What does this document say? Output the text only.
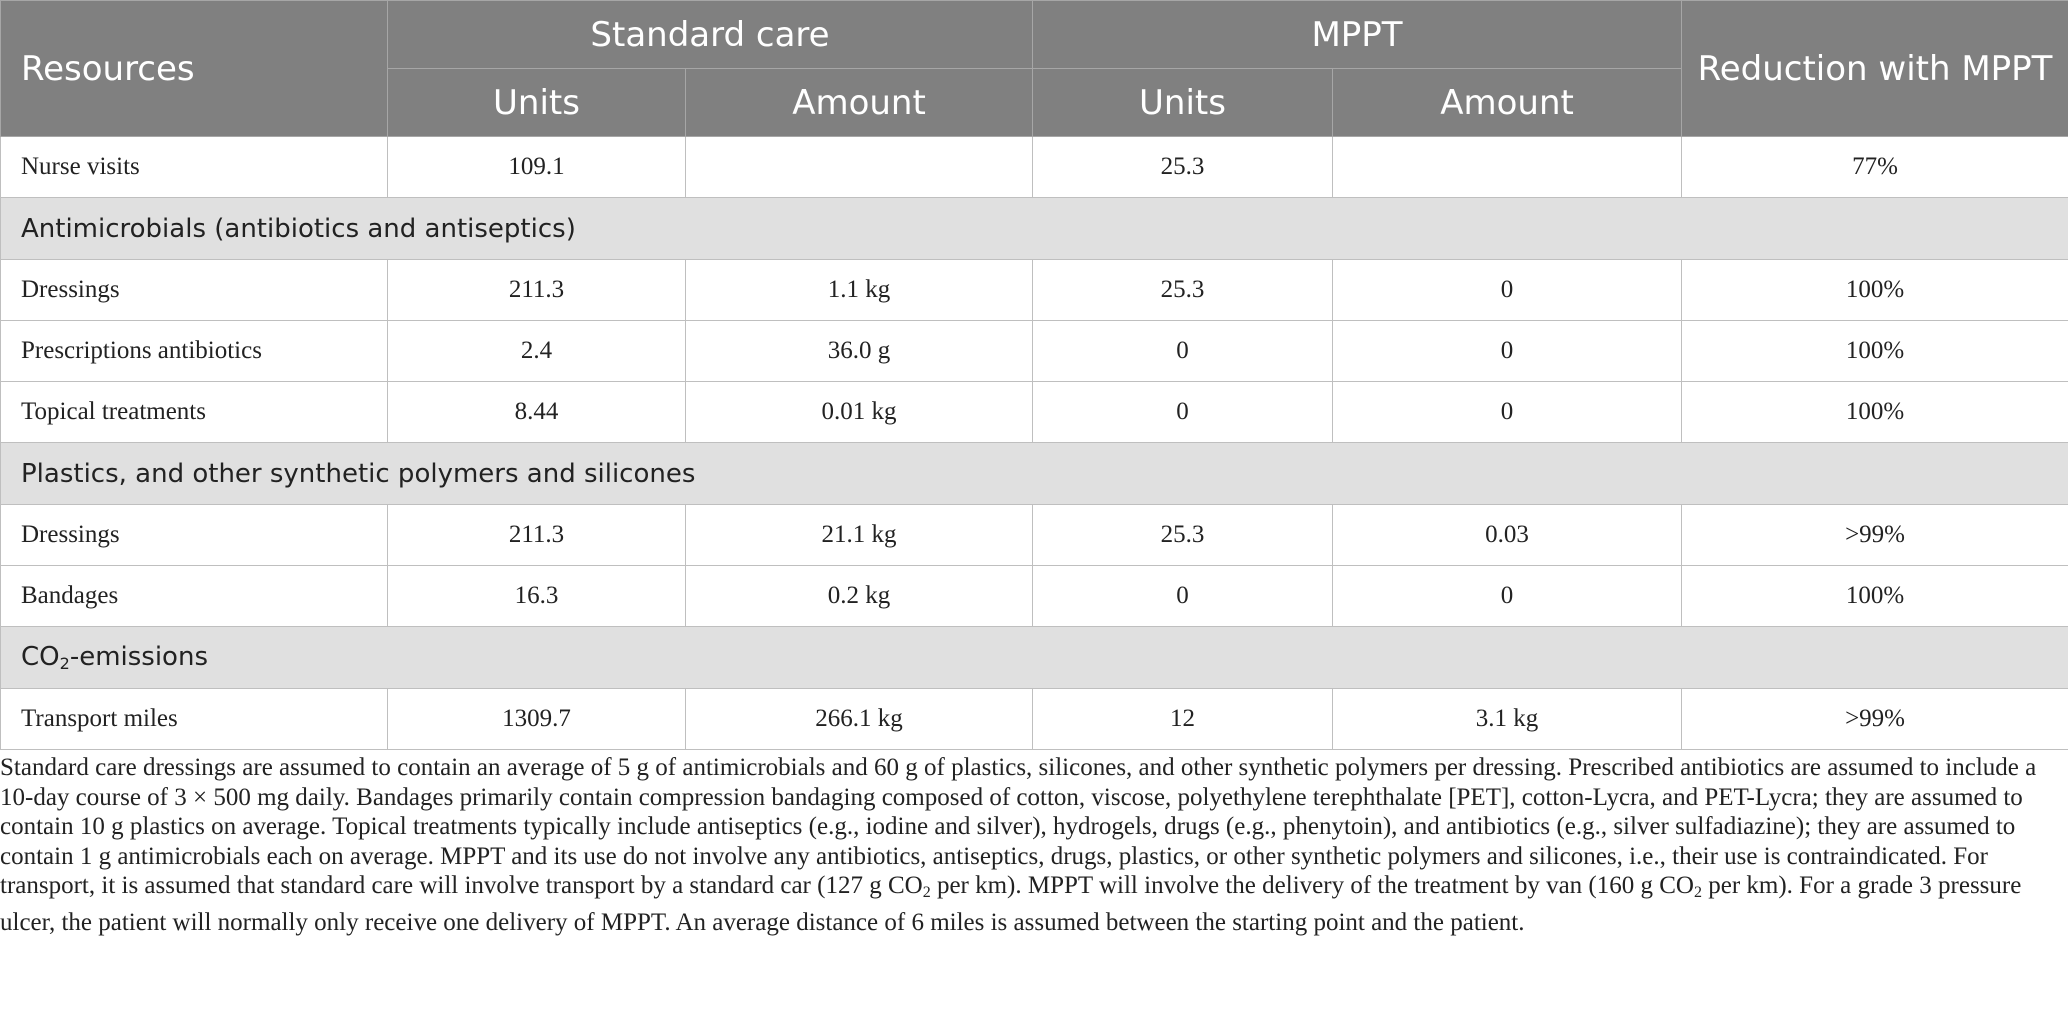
Resources	Standard care		MPPT		Reduction with MPPT
	Units	Amount	Units	Amount	
Nurse visits	109.1		25.3		77%
Antimicrobials (antibiotics and antiseptics)					
Dressings	211.3	1.1 kg	25.3	0	100%
Prescriptions antibiotics	2.4	36.0 g	0	0	100%
Topical treatments	8.44	0.01 kg	0	0	100%
Plastics, and other synthetic polymers and silicones					
Dressings	211.3	21.1 kg	25.3	0.03	>99%
Bandages	16.3	0.2 kg	0	0	100%
$CO_2$-emissions					
Transport miles	1309.7	266.1 kg	12	3.1 kg	>99%

Standard care dressings are assumed to contain an average of 5 g of antimicrobials and 60 g of plastics, silicones, and other synthetic polymers per dressing. Prescribed antibiotics are assumed to include a 10-day course of 3 × 500 mg daily. Bandages primarily contain compression bandaging composed of cotton, viscose, polyethylene terephthalate [PET], cotton-Lycra, and PET-Lycra; they are assumed to contain 10 g plastics on average. Topical treatments typically include antiseptics (e.g., iodine and silver), hydrogels, drugs (e.g., phenytoin), and antibiotics (e.g., silver sulfadiazine); they are assumed to contain 1 g antimicrobials each on average. MPPT and its use do not involve any antibiotics, antiseptics, drugs, plastics, or other synthetic polymers and silicones, i.e., their use is contraindicated. For transport, it is assumed that standard care will involve transport by a standard car (127 g $CO_2$ per km). MPPT will involve the delivery of the treatment by van (160 g $CO_2$ per km). For a grade 3 pressure ulcer, the patient will normally only receive one delivery of MPPT. An average distance of 6 miles is assumed between the starting point and the patient.
